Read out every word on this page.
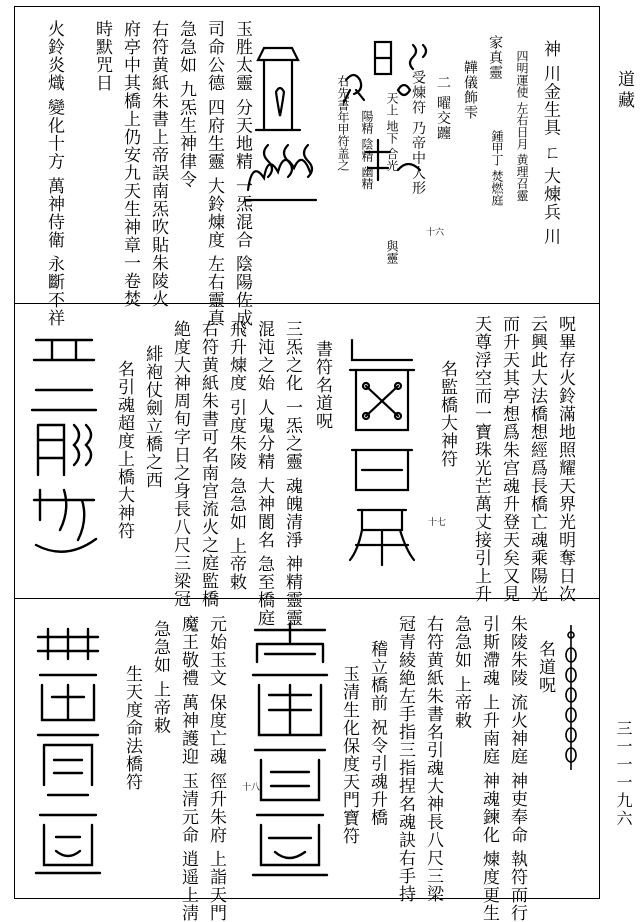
道藏
三一一一九六
神 川金生具 ㄈ 大煉兵 川
四明運使 左右日月 黄理召靈
家真靈
鍾甲丁 焚燃庭
韡儀飾雫
二 曜交躔
受煉符 乃帝中人形
天上 地下 合光
陽精 陰精 幽精
與靈
右先書年甲符盖之
十六
玉胜太靈 分天地精 一炁混合 陰陽佐成
司命公德 四府生靈 大鈴煉度 左右靈真
急急如 九炁生神律令
右符黄紙朱書上帝誤南炁吹貼朱陵火
府亭中其橋上仍安九天生神章一卷焚
時默咒日
火鈴炎熾 變化十方 萬神侍衛 永斷不祥
呪畢存火鈴滿地照耀天界光明奪日次
云興此大法橋想經爲長橋亡魂乘陽光
而升天其亭想爲朱宫魂升登天矣又見
天尊浮空而一寶珠光芒萬丈接引上升
名監橋大神符
十七
書符名道呪
三炁之化 一炁之靈 魂魄清淨 神精靈靈
混沌之始 人鬼分精 大神閬名 急至橋庭
飛升煉度 引度朱陵 急急如 上帝敕
右符黄紙朱書可名南宫流火之庭監橋
絶度大神周旬字日之身長八尺三梁冠
緋袍仗劍立橋之西
名引魂超度上橋大神符
名道呪
朱陵朱陵 流火神庭 神吏奉命 執符而行
引斯滯魂 上升南庭 神魂鍊化 煉度更生
急急如 上帝敕
右符黄紙朱書名引魂大神長八尺三梁
冠青綾絶左手指三指捏名魂訣右手持
稽立橋前 祝令引魂升橋
玉清生化保度天門寶符
十八
元始玉文 保度亡魂 徑升朱府 上詣天門
魔王敬禮 萬神護迎 玉清元命 逍遥上淸
急急如 上帝敕
生天度命法橋符
